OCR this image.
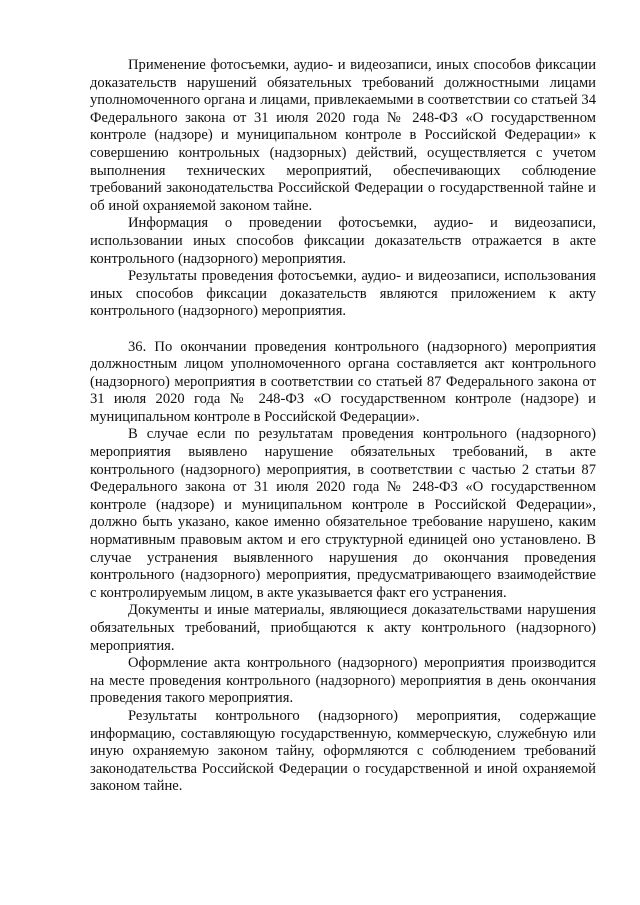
Применение фотосъемки, аудио- и видеозаписи, иных способов фиксации доказательств нарушений обязательных требований должностными лицами уполномоченного органа и лицами, привлекаемыми в соответствии со статьей 34 Федерального закона от 31 июля 2020 года № 248-ФЗ «О государственном контроле (надзоре) и муниципальном контроле в Российской Федерации» к совершению контрольных (надзорных) действий, осуществляется с учетом выполнения технических мероприятий, обеспечивающих соблюдение требований законодательства Российской Федерации о государственной тайне и об иной охраняемой законом тайне.

Информация о проведении фотосъемки, аудио- и видеозаписи, использовании иных способов фиксации доказательств отражается в акте контрольного (надзорного) мероприятия.

Результаты проведения фотосъемки, аудио- и видеозаписи, использования иных способов фиксации доказательств являются приложением к акту контрольного (надзорного) мероприятия.

36. По окончании проведения контрольного (надзорного) мероприятия должностным лицом уполномоченного органа составляется акт контрольного (надзорного) мероприятия в соответствии со статьей 87 Федерального закона от 31 июля 2020 года № 248-ФЗ «О государственном контроле (надзоре) и муниципальном контроле в Российской Федерации».

В случае если по результатам проведения контрольного (надзорного) мероприятия выявлено нарушение обязательных требований, в акте контрольного (надзорного) мероприятия, в соответствии с частью 2 статьи 87 Федерального закона от 31 июля 2020 года № 248-ФЗ «О государственном контроле (надзоре) и муниципальном контроле в Российской Федерации», должно быть указано, какое именно обязательное требование нарушено, каким нормативным правовым актом и его структурной единицей оно установлено. В случае устранения выявленного нарушения до окончания проведения контрольного (надзорного) мероприятия, предусматривающего взаимодействие с контролируемым лицом, в акте указывается факт его устранения.

Документы и иные материалы, являющиеся доказательствами нарушения обязательных требований, приобщаются к акту контрольного (надзорного) мероприятия.

Оформление акта контрольного (надзорного) мероприятия производится на месте проведения контрольного (надзорного) мероприятия в день окончания проведения такого мероприятия.

Результаты контрольного (надзорного) мероприятия, содержащие информацию, составляющую государственную, коммерческую, служебную или иную охраняемую законом тайну, оформляются с соблюдением требований законодательства Российской Федерации о государственной и иной охраняемой законом тайне.
